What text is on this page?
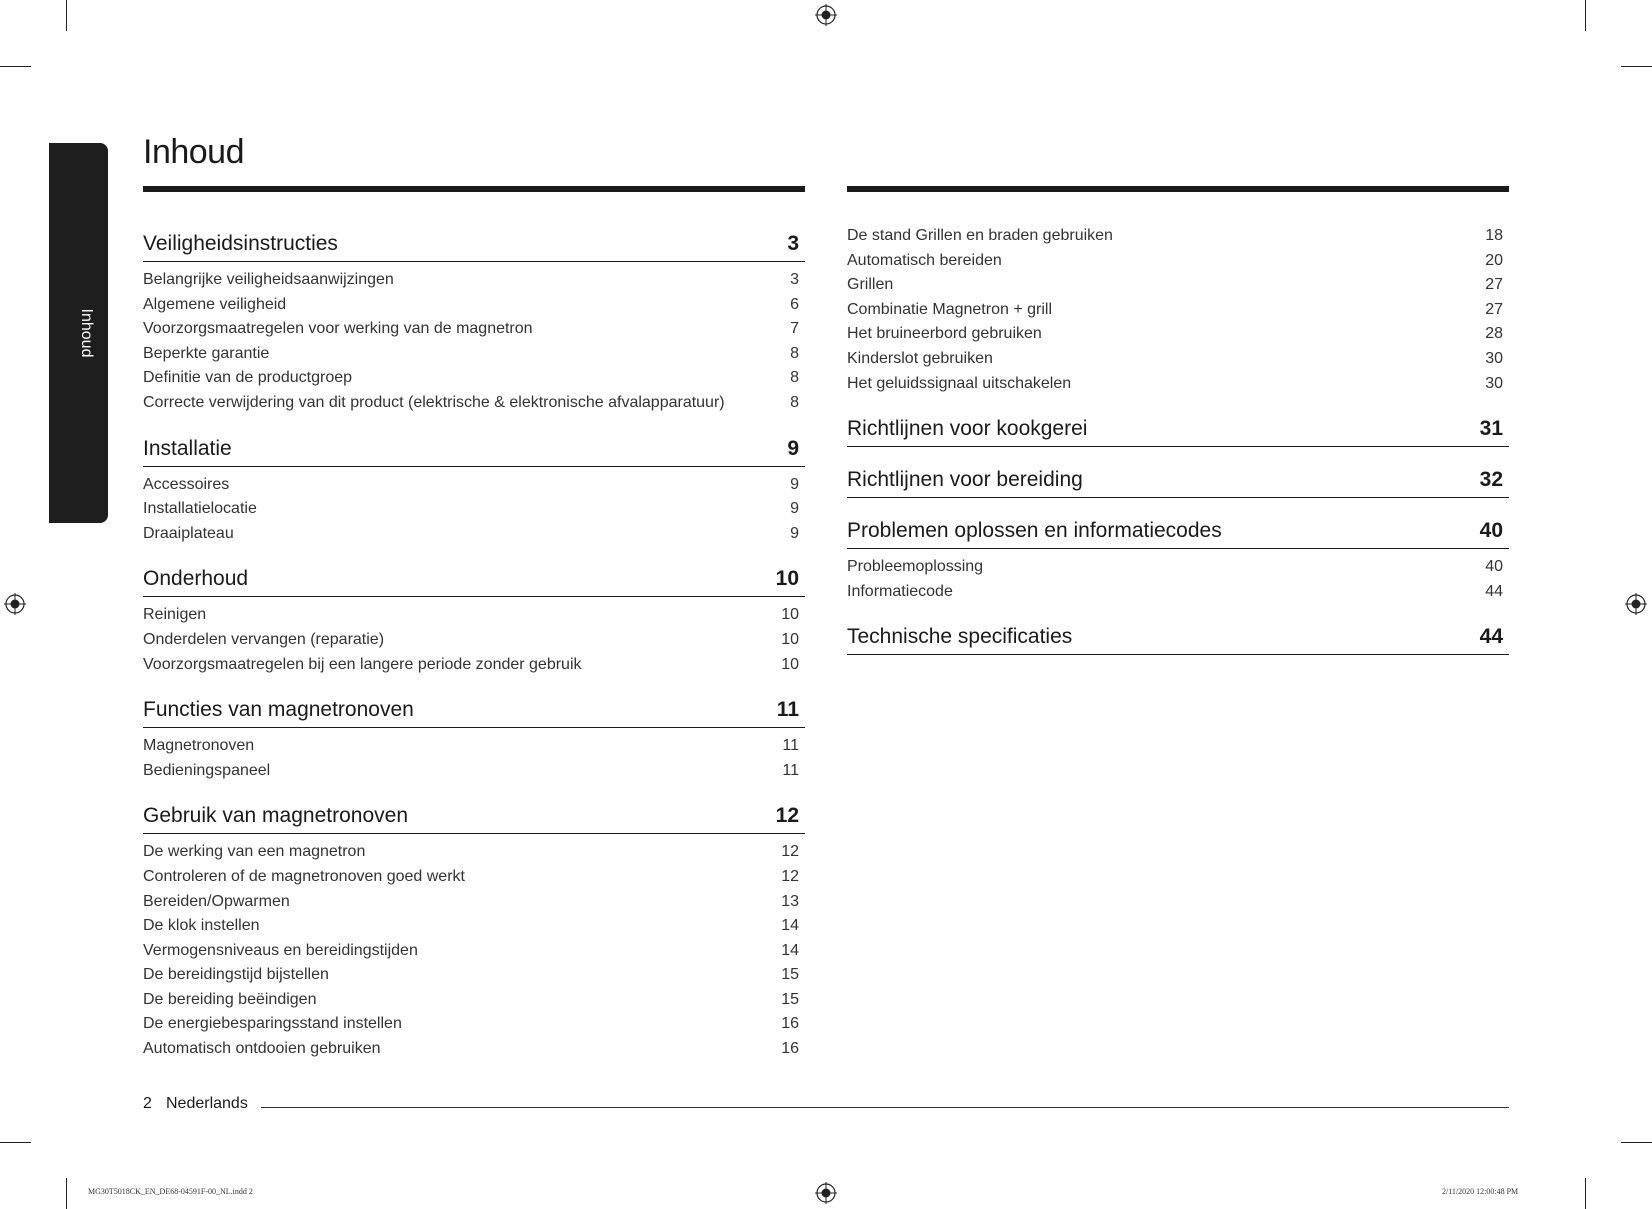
Inhoud
Inhoud
Veiligheidsinstructies	3
Belangrijke veiligheidsaanwijzingen	3
Algemene veiligheid	6
Voorzorgsmaatregelen voor werking van de magnetron	7
Beperkte garantie	8
Definitie van de productgroep	8
Correcte verwijdering van dit product (elektrische & elektronische afvalapparatuur)	8
Installatie	9
Accessoires	9
Installatielocatie	9
Draaiplateau	9
Onderhoud	10
Reinigen	10
Onderdelen vervangen (reparatie)	10
Voorzorgsmaatregelen bij een langere periode zonder gebruik	10
Functies van magnetronoven	11
Magnetronoven	11
Bedieningspaneel	11
Gebruik van magnetronoven	12
De werking van een magnetron	12
Controleren of de magnetronoven goed werkt	12
Bereiden/Opwarmen	13
De klok instellen	14
Vermogensniveaus en bereidingstijden	14
De bereidingstijd bijstellen	15
De bereiding beëindigen	15
De energiebesparingsstand instellen	16
Automatisch ontdooien gebruiken	16
De stand Grillen en braden gebruiken	18
Automatisch bereiden	20
Grillen	27
Combinatie Magnetron + grill	27
Het bruineerbord gebruiken	28
Kinderslot gebruiken	30
Het geluidssignaal uitschakelen	30
Richtlijnen voor kookgerei	31
Richtlijnen voor bereiding	32
Problemen oplossen en informatiecodes	40
Probleemoplossing	40
Informatiecode	44
Technische specificaties	44
2 Nederlands
MG30T5018CK_EN_DE68-04591F-00_NL.indd 2	2/11/2020 12:00:48 PM
